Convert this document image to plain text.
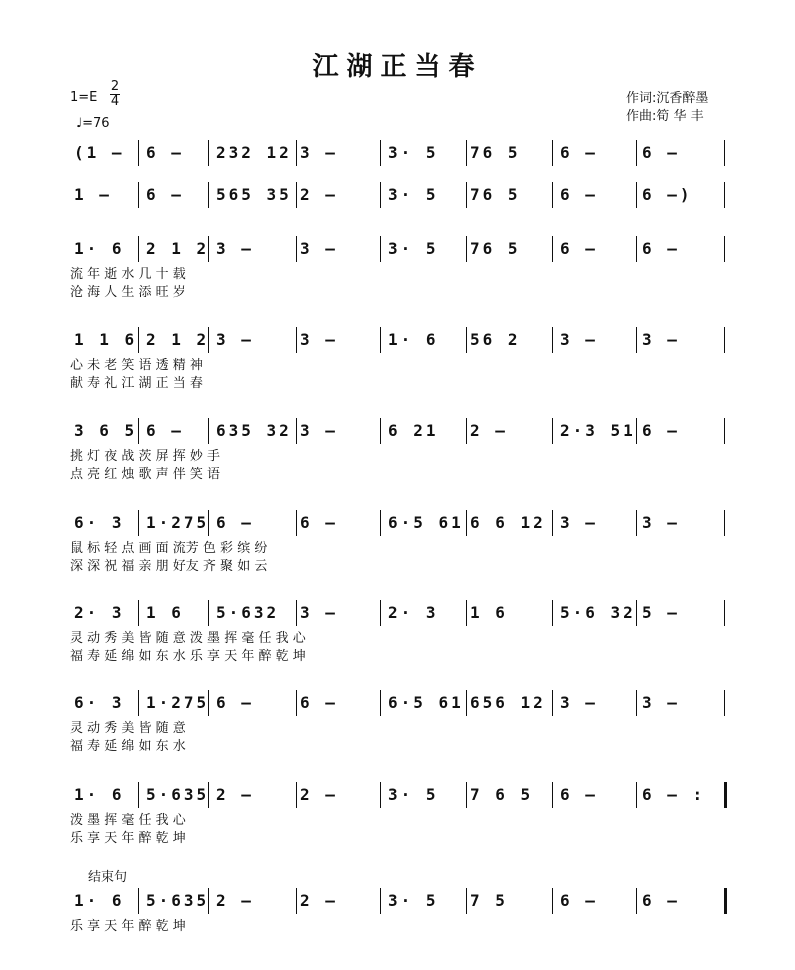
江湖正当春
1=E
2
4
♩=76
作词:沉香醉墨
作曲:筍 华 丰
结束句
(1 – 6 – 232 12 3 –	3· 5 76 5 6 –	6 –
1 – 6 – 565 35 2 –	3· 5 76 5 6 –	6 –)
1· 6 2 1 2 3 –	3 –	3· 5 76 5 6 –	6 –
流 年 逝 水 几 十 载
沧 海 人 生 添 旺 岁
1 1 6 2 1 2 3 –	3 –	1· 6 56 2 3 –	3 –
心 未 老 笑 语 透 精 神
献 寿 礼 江 湖 正 当 春
3 6 5 6 – 635 32 3 –	6 21 2 –	2·3 51 6 –
挑 灯 夜 战 茨 屏 挥 妙 手
点 亮 红 烛 歌 声 伴 笑 语
6· 3 1·275 6 –	6 –	6·5 61 6 6 12 3 –	3 –
鼠 标 轻 点 画 面 流芳 色 彩 缤 纷
深 深 祝 福 亲 朋 好友 齐 聚 如 云
2· 3 1 6 5·632 3 –	2· 3 1 6	5·6 32 5 –
灵 动 秀 美 皆 随 意 泼 墨 挥 毫 任 我 心
福 寿 延 绵 如 东 水 乐 享 天 年 醉 乾 坤
6· 3 1·275 6 –	6 –	6·5 61 656 12 3 –	3 –
灵 动 秀 美 皆 随 意
福 寿 延 绵 如 东 水
1· 6 5·635 2 –	2 –	3· 5 7 6 5 6 –	6 – :
泼 墨 挥 毫 任 我 心
乐 享 天 年 醉 乾 坤
1· 6 5·635 2 –	2 –	3· 5 7 5	6 –	6 –
乐 享 天 年 醉 乾 坤
